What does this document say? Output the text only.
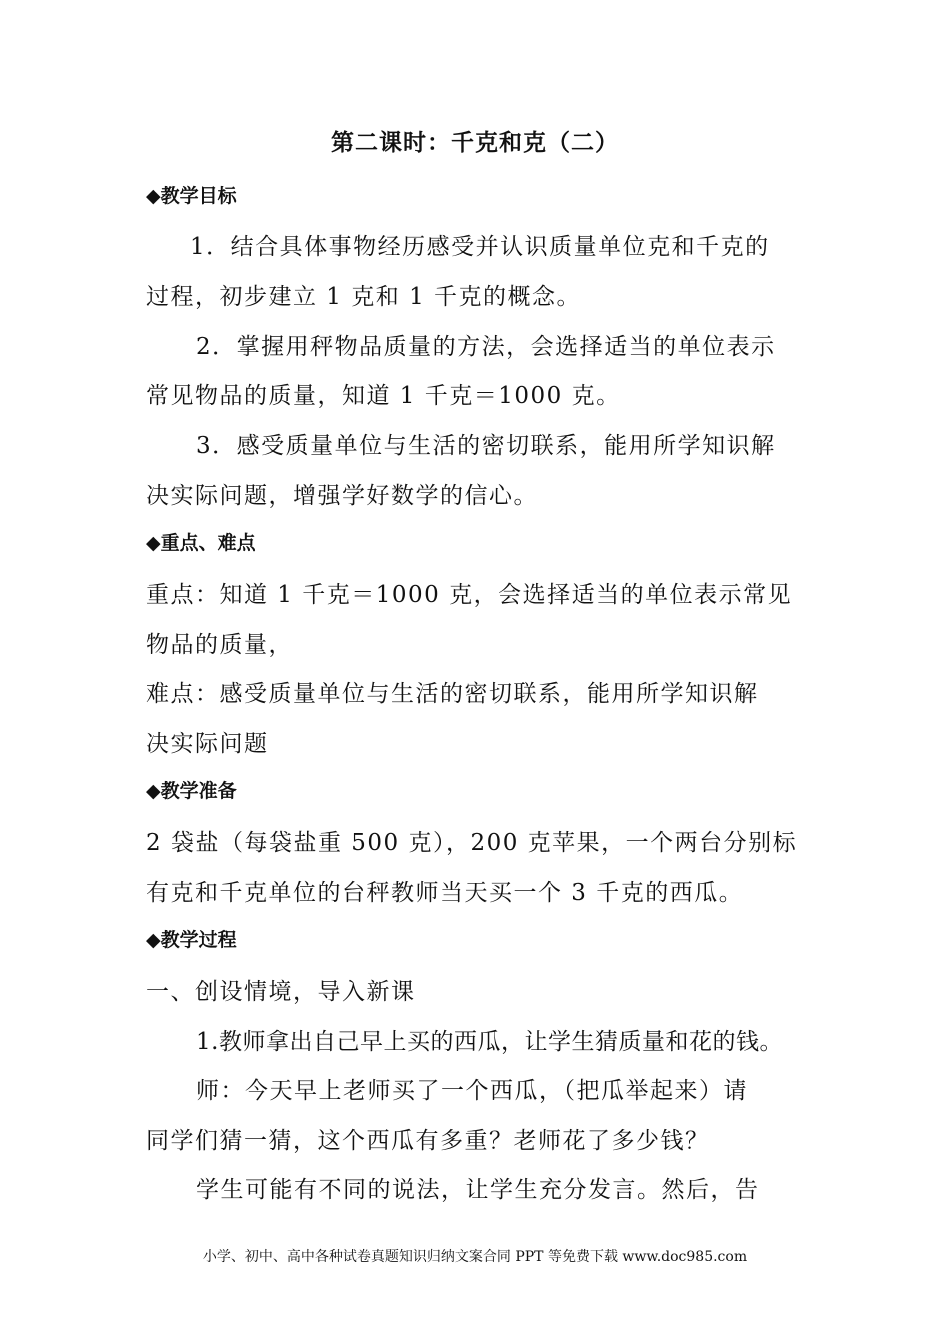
第二课时：千克和克（二）
◆教学目标
1．结合具体事物经历感受并认识质量单位克和千克的
过程，初步建立 1 克和 1 千克的概念。
2．掌握用秤物品质量的方法，会选择适当的单位表示
常见物品的质量，知道 1 千克＝1000 克。
3．感受质量单位与生活的密切联系，能用所学知识解
决实际问题，增强学好数学的信心。
◆重点、难点
重点：知道 1 千克＝1000 克，会选择适当的单位表示常见
物品的质量，
难点：感受质量单位与生活的密切联系，能用所学知识解
决实际问题
◆教学准备
2 袋盐（每袋盐重 500 克），200 克苹果，一个两台分别标
有克和千克单位的台秤教师当天买一个 3 千克的西瓜。
◆教学过程
一、创设情境，导入新课
1.教师拿出自己早上买的西瓜，让学生猜质量和花的钱。
师：今天早上老师买了一个西瓜，（把瓜举起来）请
同学们猜一猜，这个西瓜有多重？老师花了多少钱？
学生可能有不同的说法，让学生充分发言。然后，告
小学、初中、高中各种试卷真题知识归纳文案合同 PPT 等免费下载 www.doc985.com
